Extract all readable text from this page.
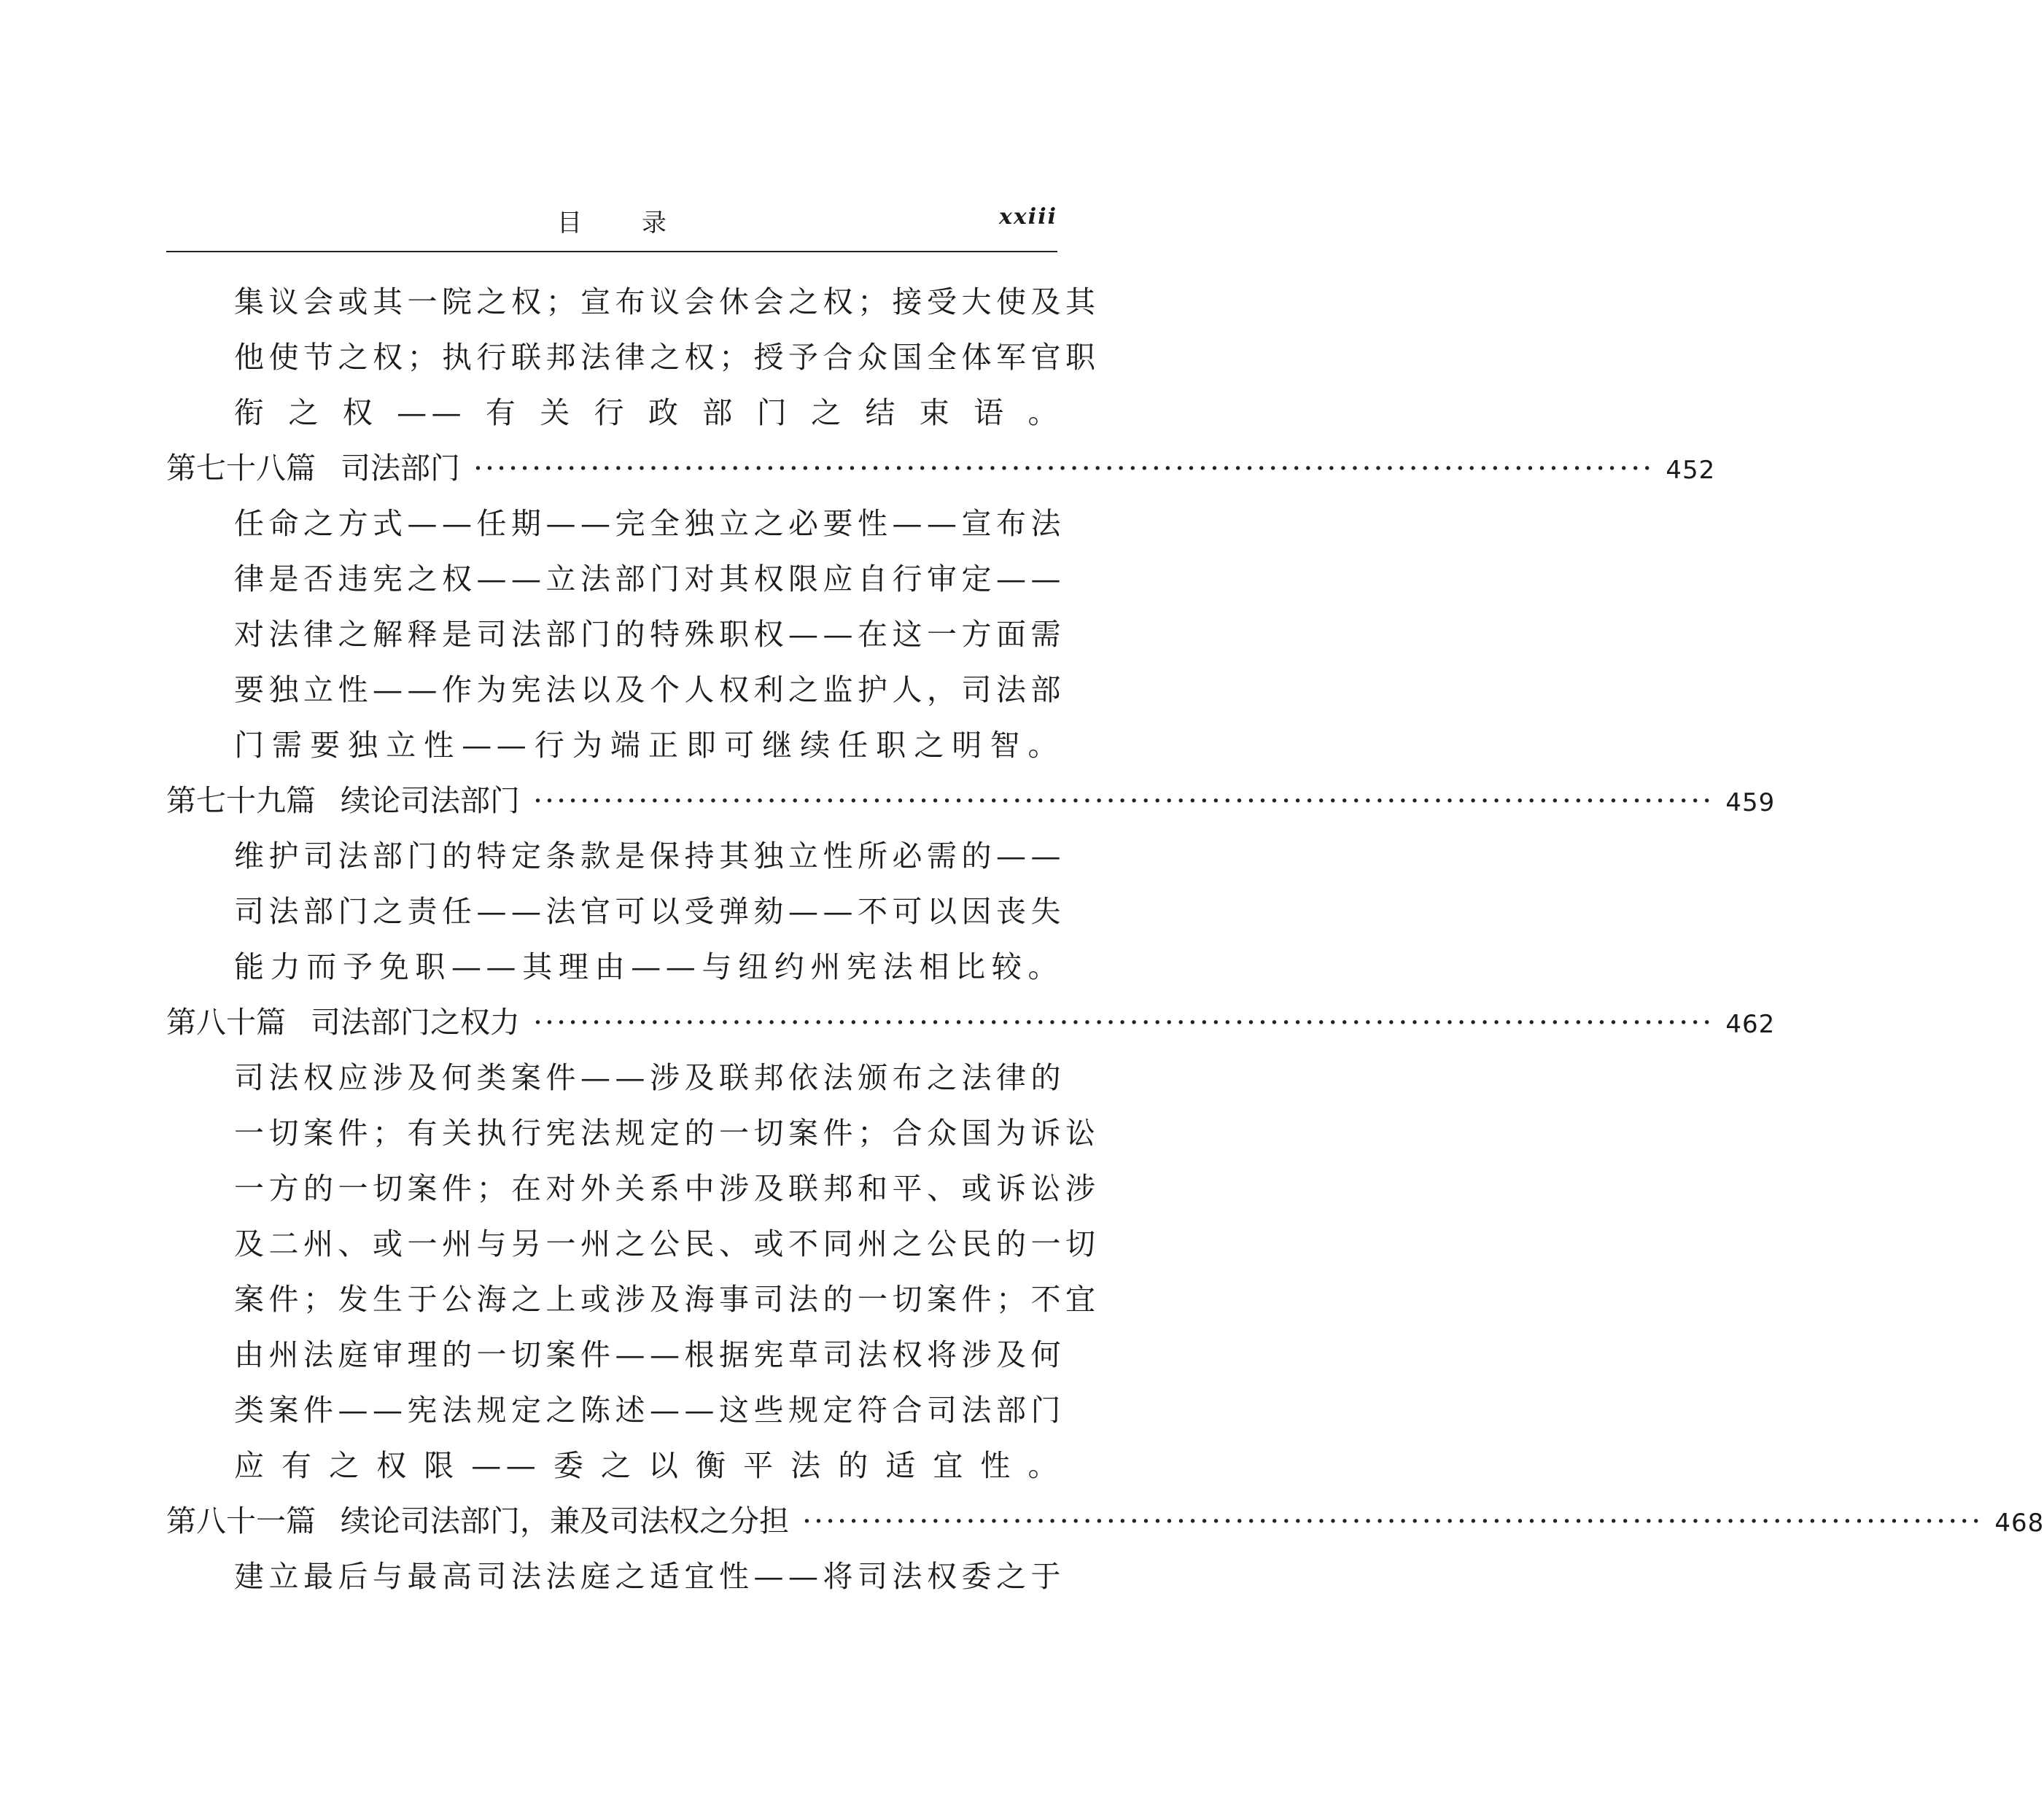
目录	xxiii
集议会或其一院之权；宣布议会休会之权；接受大使及其
他使节之权；执行联邦法律之权；授予合众国全体军官职
衔之权——有关行政部门之结束语。
第七十八篇 司法部门 ····································································································· 452
任命之方式——任期——完全独立之必要性——宣布法
律是否违宪之权——立法部门对其权限应自行审定——
对法律之解释是司法部门的特殊职权——在这一方面需
要独立性——作为宪法以及个人权利之监护人，司法部
门需要独立性——行为端正即可继续任职之明智。
第七十九篇 续论司法部门 ····································································································· 459
维护司法部门的特定条款是保持其独立性所必需的——
司法部门之责任——法官可以受弹劾——不可以因丧失
能力而予免职——其理由——与纽约州宪法相比较。
第八十篇 司法部门之权力 ····································································································· 462
司法权应涉及何类案件——涉及联邦依法颁布之法律的
一切案件；有关执行宪法规定的一切案件；合众国为诉讼
一方的一切案件；在对外关系中涉及联邦和平、或诉讼涉
及二州、或一州与另一州之公民、或不同州之公民的一切
案件；发生于公海之上或涉及海事司法的一切案件；不宜
由州法庭审理的一切案件——根据宪草司法权将涉及何
类案件——宪法规定之陈述——这些规定符合司法部门
应有之权限——委之以衡平法的适宜性。
第八十一篇 续论司法部门，兼及司法权之分担 ····································································································· 468
建立最后与最高司法法庭之适宜性——将司法权委之于
